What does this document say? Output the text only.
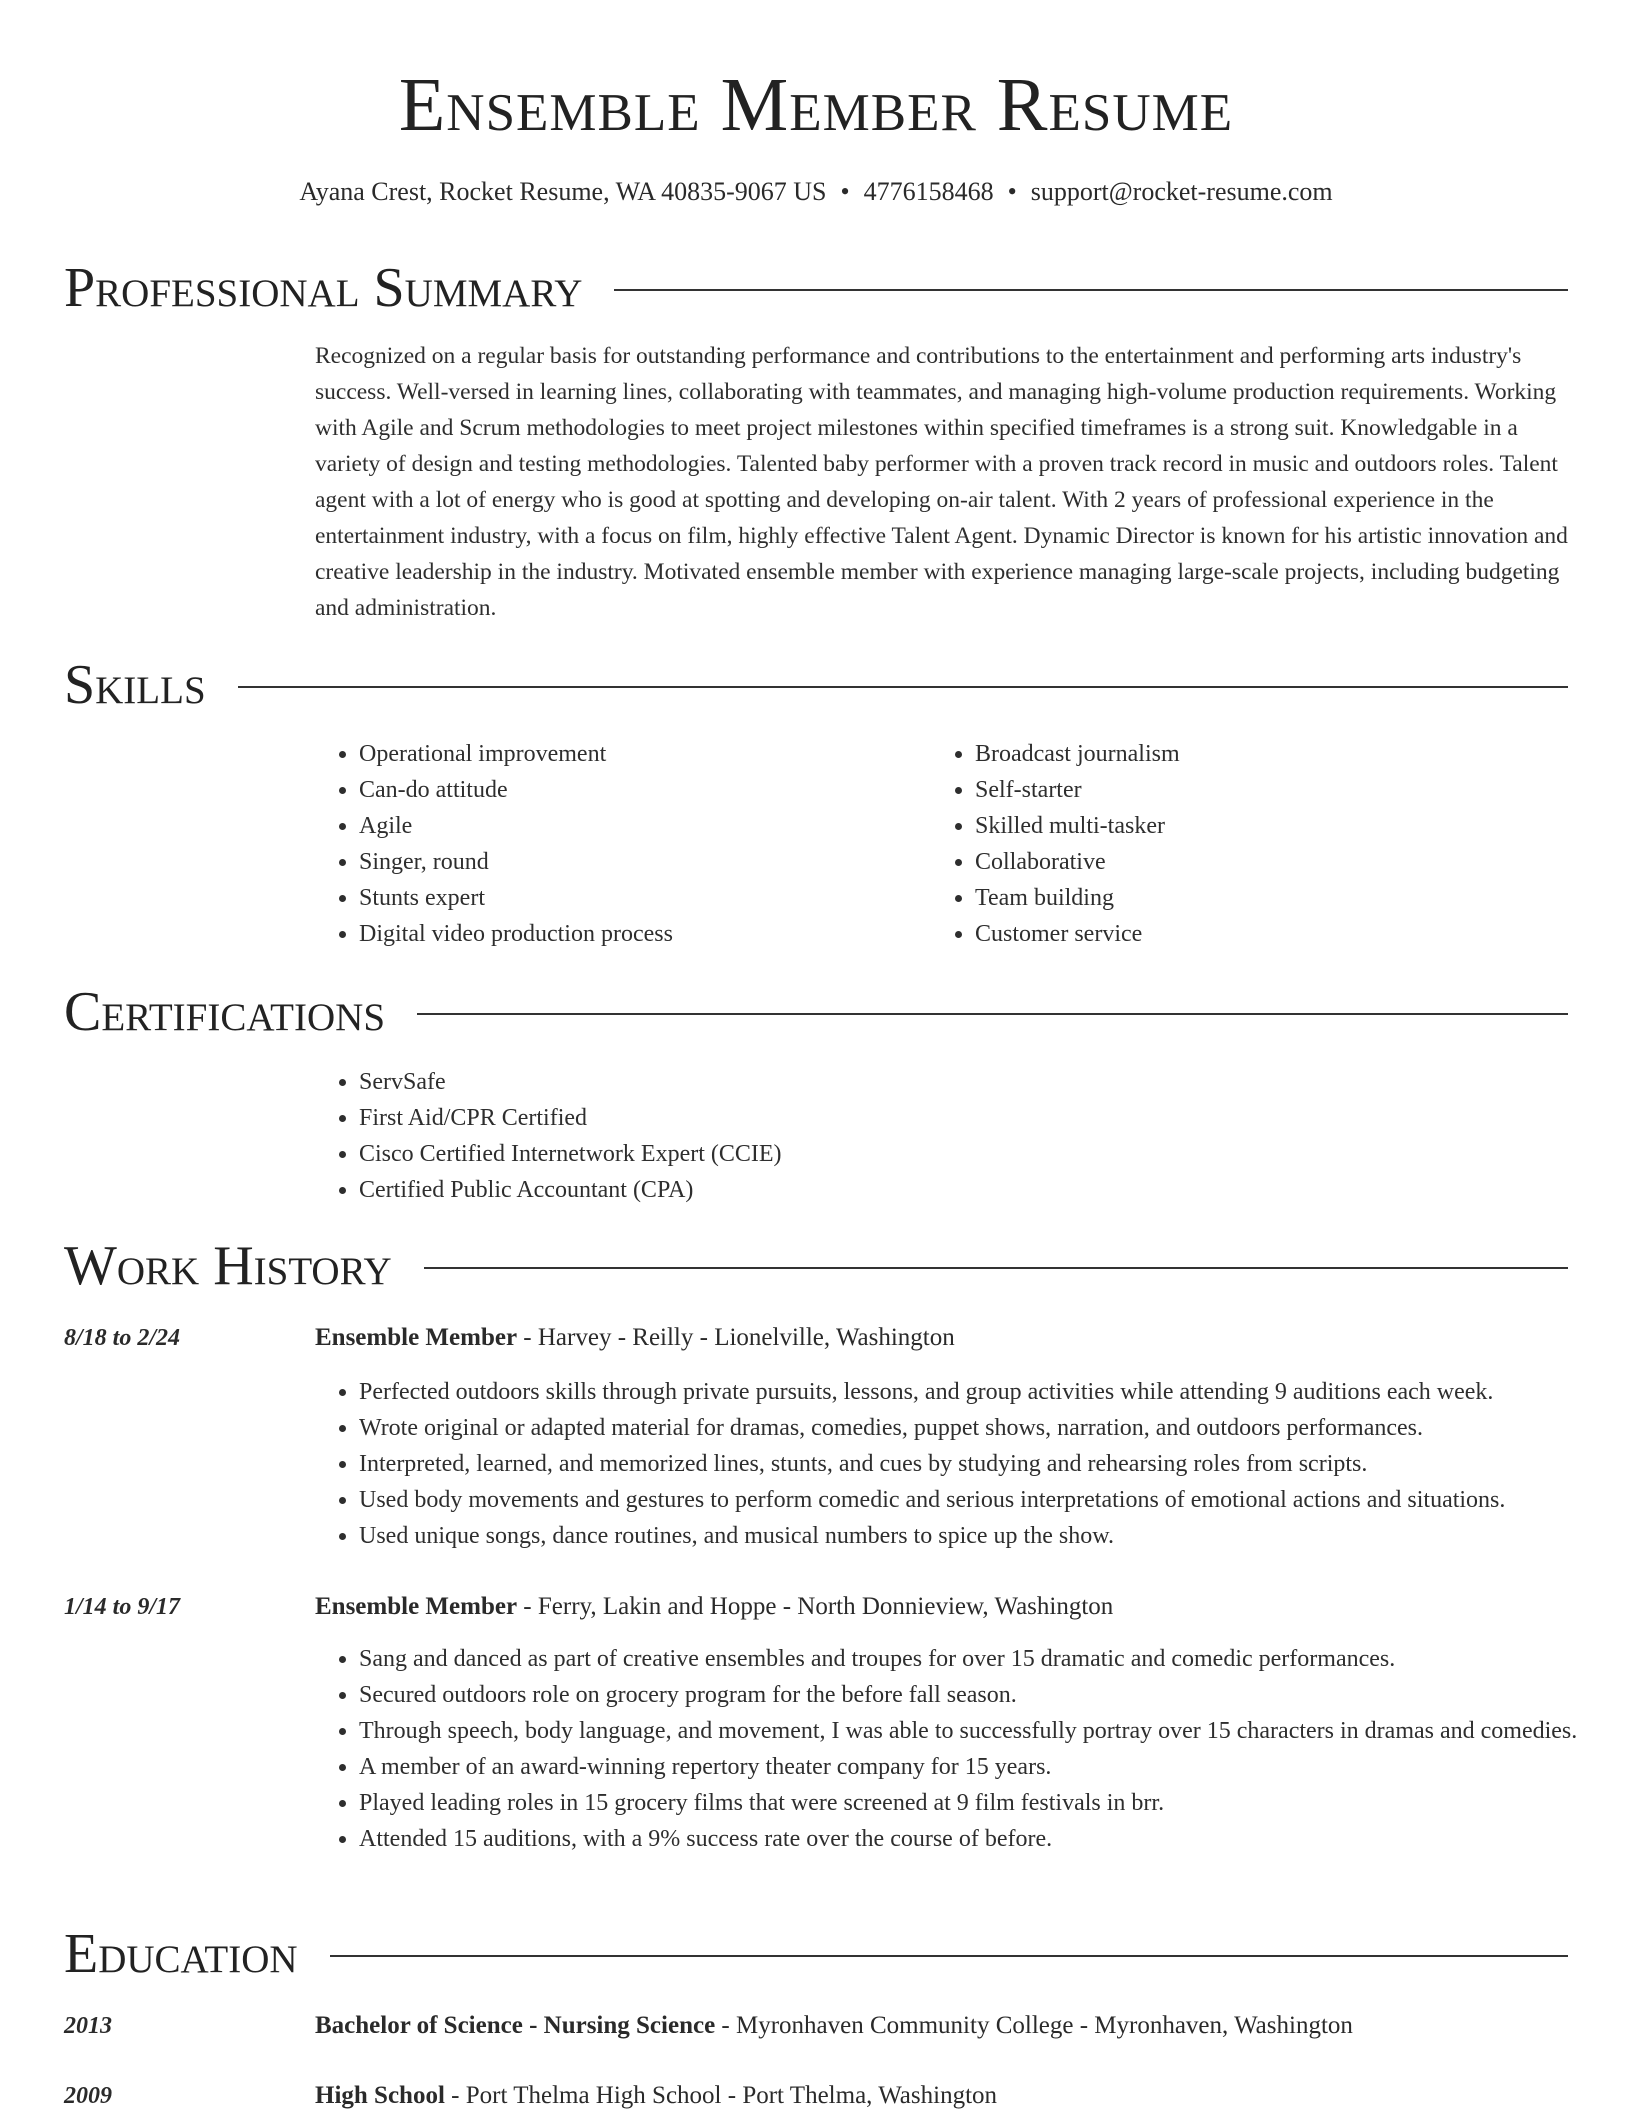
Ensemble Member Resume
Ayana Crest, Rocket Resume, WA 40835-9067 US • 4776158468 • support@rocket-resume.com
Professional Summary

Recognized on a regular basis for outstanding performance and contributions to the entertainment and performing arts industry's success. Well-versed in learning lines, collaborating with teammates, and managing high-volume production requirements. Working with Agile and Scrum methodologies to meet project milestones within specified timeframes is a strong suit. Knowledgable in a variety of design and testing methodologies. Talented baby performer with a proven track record in music and outdoors roles. Talent agent with a lot of energy who is good at spotting and developing on-air talent. With 2 years of professional experience in the entertainment industry, with a focus on film, highly effective Talent Agent. Dynamic Director is known for his artistic innovation and creative leadership in the industry. Motivated ensemble member with experience managing large-scale projects, including budgeting and administration.

Skills
• Operational improvement
• Can-do attitude
• Agile
• Singer, round
• Stunts expert
• Digital video production process
• Broadcast journalism
• Self-starter
• Skilled multi-tasker
• Collaborative
• Team building
• Customer service
Certifications
• ServSafe
• First Aid/CPR Certified
• Cisco Certified Internetwork Expert (CCIE)
• Certified Public Accountant (CPA)
Work History
8/18 to 2/24	Ensemble Member - Harvey - Reilly - Lionelville, Washington
• Perfected outdoors skills through private pursuits, lessons, and group activities while attending 9 auditions each week.
• Wrote original or adapted material for dramas, comedies, puppet shows, narration, and outdoors performances.
• Interpreted, learned, and memorized lines, stunts, and cues by studying and rehearsing roles from scripts.
• Used body movements and gestures to perform comedic and serious interpretations of emotional actions and situations.
• Used unique songs, dance routines, and musical numbers to spice up the show.
1/14 to 9/17	Ensemble Member - Ferry, Lakin and Hoppe - North Donnieview, Washington
• Sang and danced as part of creative ensembles and troupes for over 15 dramatic and comedic performances.
• Secured outdoors role on grocery program for the before fall season.
• Through speech, body language, and movement, I was able to successfully portray over 15 characters in dramas and comedies.
• A member of an award-winning repertory theater company for 15 years.
• Played leading roles in 15 grocery films that were screened at 9 film festivals in brr.
• Attended 15 auditions, with a 9% success rate over the course of before.
Education
2013	Bachelor of Science - Nursing Science - Myronhaven Community College - Myronhaven, Washington
2009	High School - Port Thelma High School - Port Thelma, Washington
